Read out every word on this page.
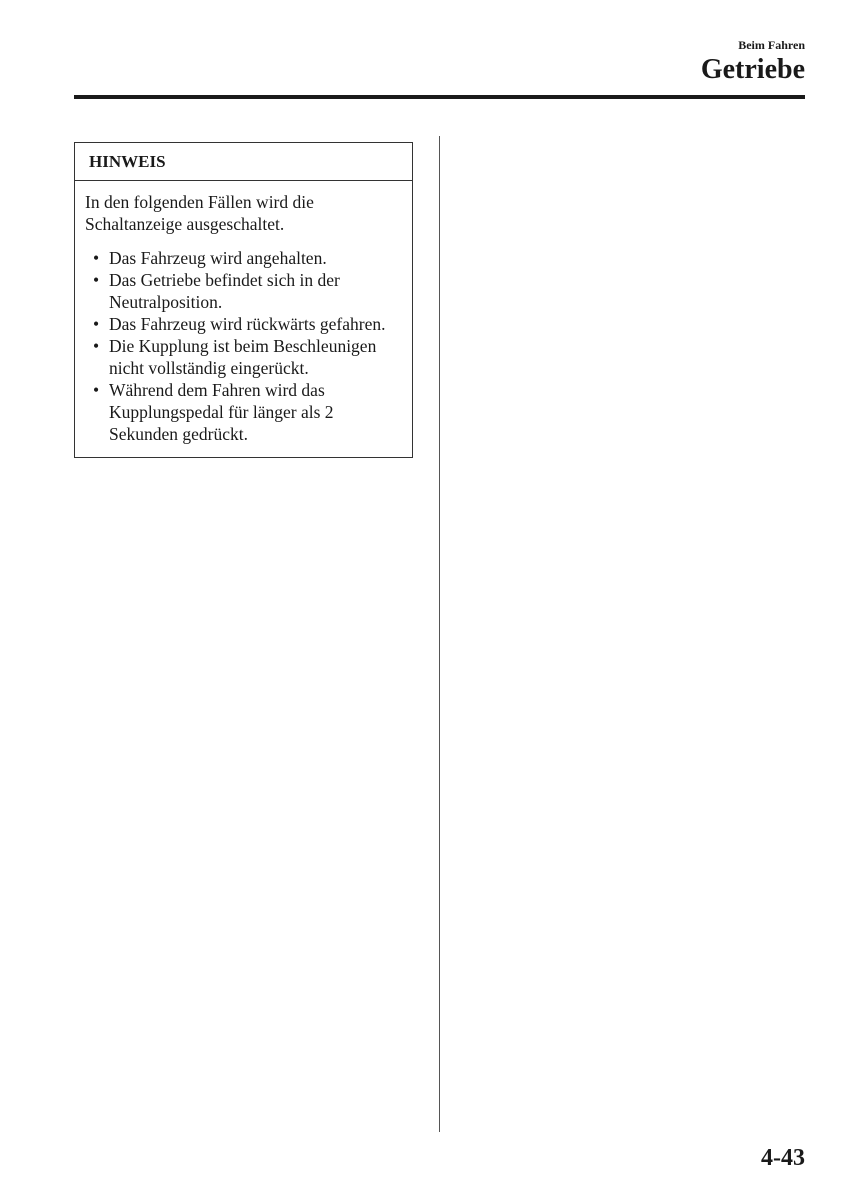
Beim Fahren
Getriebe
HINWEIS

In den folgenden Fällen wird die Schaltanzeige ausgeschaltet.

• Das Fahrzeug wird angehalten.
• Das Getriebe befindet sich in der Neutralposition.
• Das Fahrzeug wird rückwärts gefahren.
• Die Kupplung ist beim Beschleunigen nicht vollständig eingerückt.
• Während dem Fahren wird das Kupplungspedal für länger als 2 Sekunden gedrückt.
4-43
